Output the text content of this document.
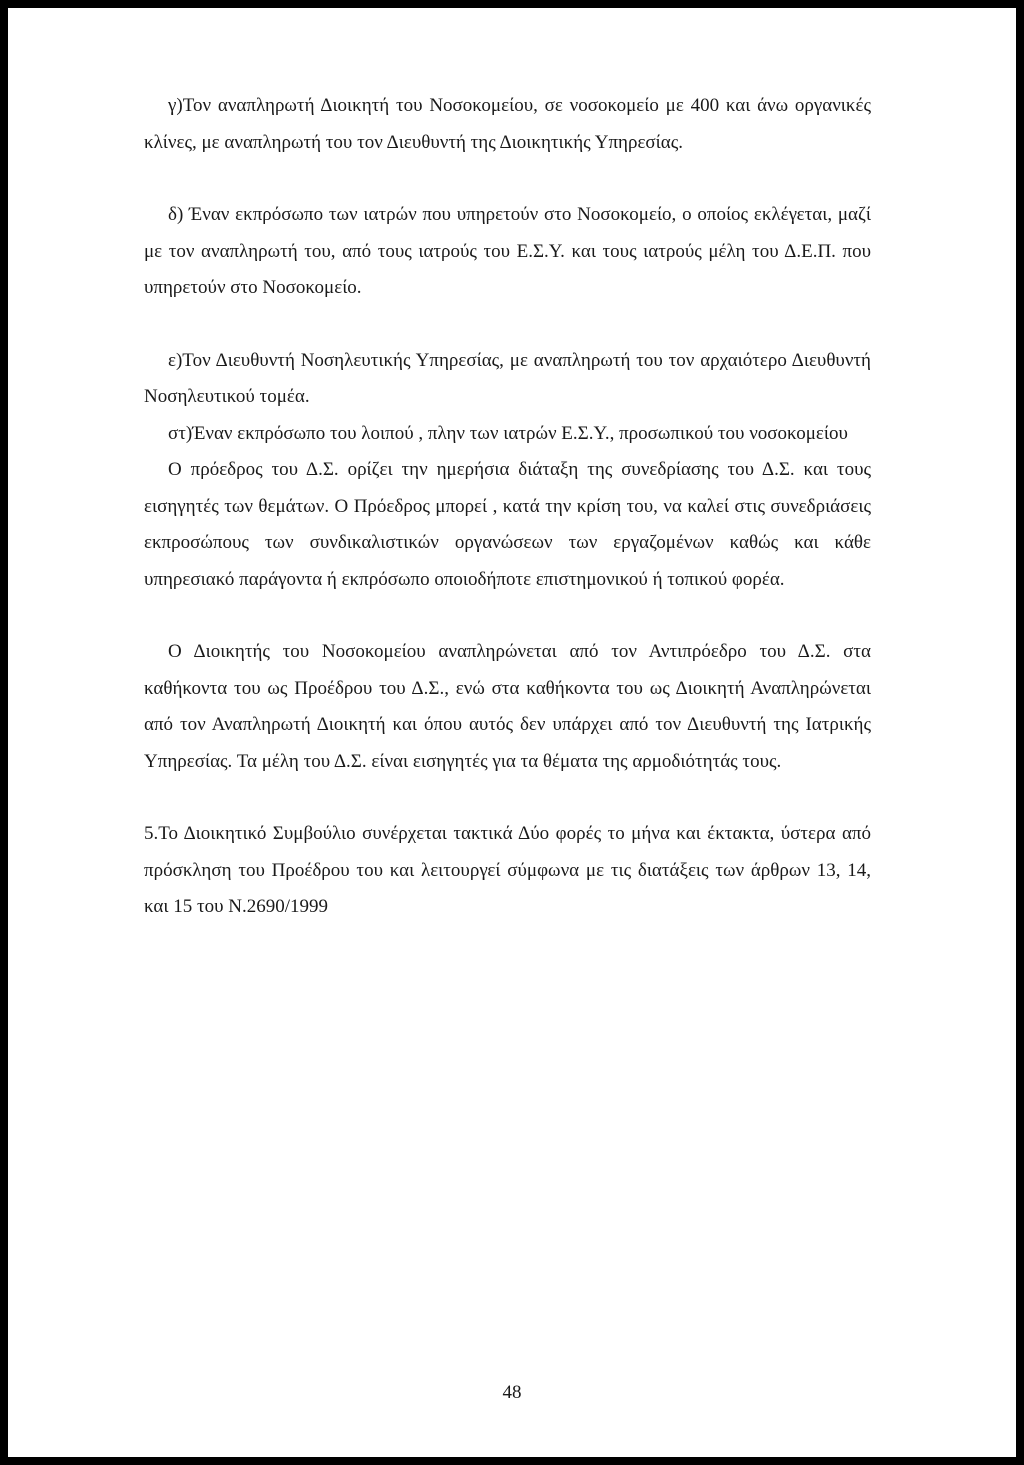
γ)Τον αναπληρωτή Διοικητή του Νοσοκομείου, σε νοσοκομείο με 400 και άνω οργανικές κλίνες, με αναπληρωτή του τον Διευθυντή της Διοικητικής Υπηρεσίας.

δ) Έναν εκπρόσωπο των ιατρών που υπηρετούν στο Νοσοκομείο, ο οποίος εκλέγεται, μαζί με τον αναπληρωτή του, από τους ιατρούς του Ε.Σ.Υ. και τους ιατρούς μέλη του Δ.Ε.Π. που υπηρετούν στο Νοσοκομείο.

ε)Τον Διευθυντή Νοσηλευτικής Υπηρεσίας, με αναπληρωτή του τον αρχαιότερο Διευθυντή Νοσηλευτικού τομέα.

στ)Έναν εκπρόσωπο του λοιπού , πλην των ιατρών Ε.Σ.Υ., προσωπικού του νοσοκομείου

Ο πρόεδρος του Δ.Σ. ορίζει την ημερήσια διάταξη της συνεδρίασης του Δ.Σ. και τους εισηγητές των θεμάτων. Ο Πρόεδρος μπορεί , κατά την κρίση του, να καλεί στις συνεδριάσεις εκπροσώπους των συνδικαλιστικών οργανώσεων των εργαζομένων καθώς και κάθε υπηρεσιακό παράγοντα ή εκπρόσωπο οποιοδήποτε επιστημονικού ή τοπικού φορέα.

Ο Διοικητής του Νοσοκομείου αναπληρώνεται από τον Αντιπρόεδρο του Δ.Σ. στα καθήκοντα του ως Προέδρου του Δ.Σ., ενώ στα καθήκοντα του ως Διοικητή Αναπληρώνεται από τον Αναπληρωτή Διοικητή και όπου αυτός δεν υπάρχει από τον Διευθυντή της Ιατρικής Υπηρεσίας. Τα μέλη του Δ.Σ. είναι εισηγητές για τα θέματα της αρμοδιότητάς τους.

5.Το Διοικητικό Συμβούλιο συνέρχεται τακτικά Δύο φορές το μήνα και έκτακτα, ύστερα από πρόσκληση του Προέδρου του και λειτουργεί σύμφωνα με τις διατάξεις των άρθρων 13, 14, και 15 του Ν.2690/1999

48
